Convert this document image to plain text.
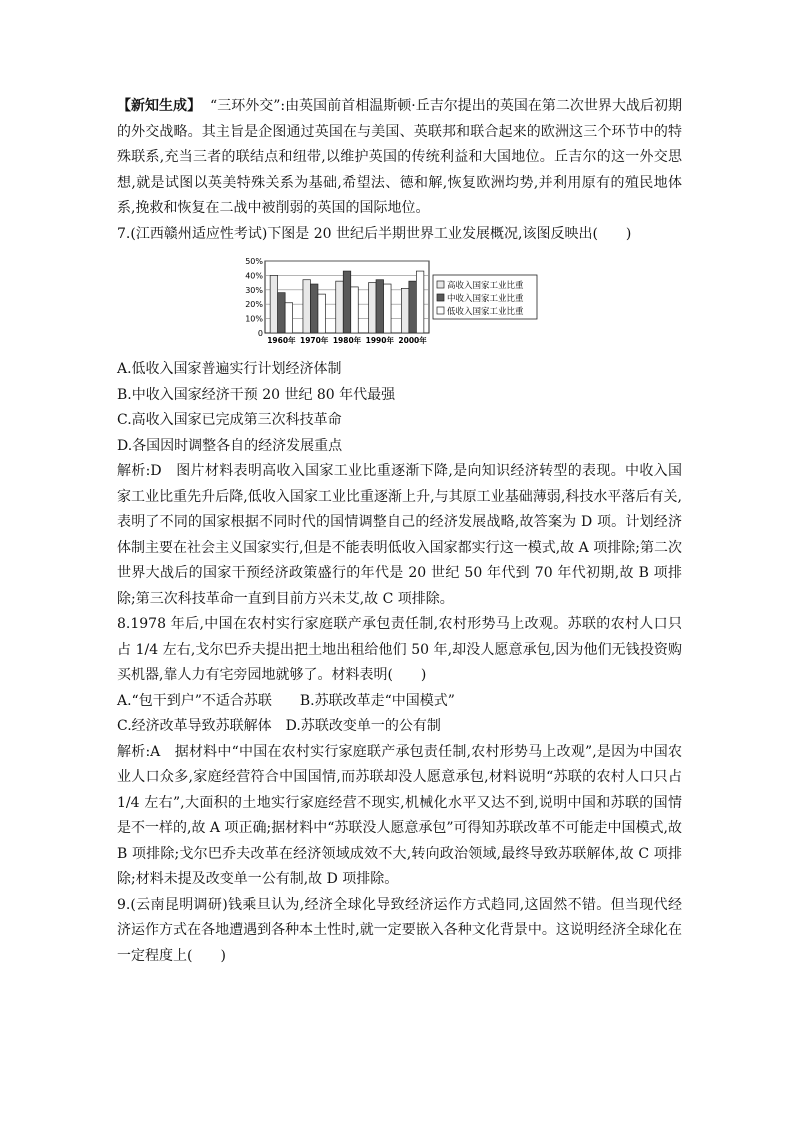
【新知生成】 “三环外交”:由英国前首相温斯顿·丘吉尔提出的英国在第二次世界大战后初期的外交战略。其主旨是企图通过英国在与美国、英联邦和联合起来的欧洲这三个环节中的特殊联系,充当三者的联结点和纽带,以维护英国的传统利益和大国地位。丘吉尔的这一外交思想,就是试图以英美特殊关系为基础,希望法、德和解,恢复欧洲均势,并利用原有的殖民地体系,挽救和恢复在二战中被削弱的英国的国际地位。

7.(江西赣州适应性考试)下图是 20 世纪后半期世界工业发展概况,该图反映出(　　)

0
10%
20%
30%
40%
50%
1960年 1970年 1980年 1990年 2000年
高收入国家工业比重
中收入国家工业比重
低收入国家工业比重

A.低收入国家普遍实行计划经济体制

B.中收入国家经济干预 20 世纪 80 年代最强

C.高收入国家已完成第三次科技革命

D.各国因时调整各自的经济发展重点

解析:D　图片材料表明高收入国家工业比重逐渐下降,是向知识经济转型的表现。中收入国家工业比重先升后降,低收入国家工业比重逐渐上升,与其原工业基础薄弱,科技水平落后有关,表明了不同的国家根据不同时代的国情调整自己的经济发展战略,故答案为 D 项。计划经济体制主要在社会主义国家实行,但是不能表明低收入国家都实行这一模式,故 A 项排除;第二次世界大战后的国家干预经济政策盛行的年代是 20 世纪 50 年代到 70 年代初期,故 B 项排除;第三次科技革命一直到目前方兴未艾,故 C 项排除。

8.1978 年后,中国在农村实行家庭联产承包责任制,农村形势马上改观。苏联的农村人口只占 1/4 左右,戈尔巴乔夫提出把土地出租给他们 50 年,却没人愿意承包,因为他们无钱投资购买机器,靠人力有宅旁园地就够了。材料表明(　　)

A.“包干到户”不适合苏联　　B.苏联改革走“中国模式”

C.经济改革导致苏联解体　D.苏联改变单一的公有制

解析:A　据材料中“中国在农村实行家庭联产承包责任制,农村形势马上改观”,是因为中国农业人口众多,家庭经营符合中国国情,而苏联却没人愿意承包,材料说明“苏联的农村人口只占 1/4 左右”,大面积的土地实行家庭经营不现实,机械化水平又达不到,说明中国和苏联的国情是不一样的,故 A 项正确;据材料中“苏联没人愿意承包”可得知苏联改革不可能走中国模式,故 B 项排除;戈尔巴乔夫改革在经济领域成效不大,转向政治领域,最终导致苏联解体,故 C 项排除;材料未提及改变单一公有制,故 D 项排除。

9.(云南昆明调研)钱乘旦认为,经济全球化导致经济运作方式趋同,这固然不错。但当现代经济运作方式在各地遭遇到各种本土性时,就一定要嵌入各种文化背景中。这说明经济全球化在一定程度上(　　)
